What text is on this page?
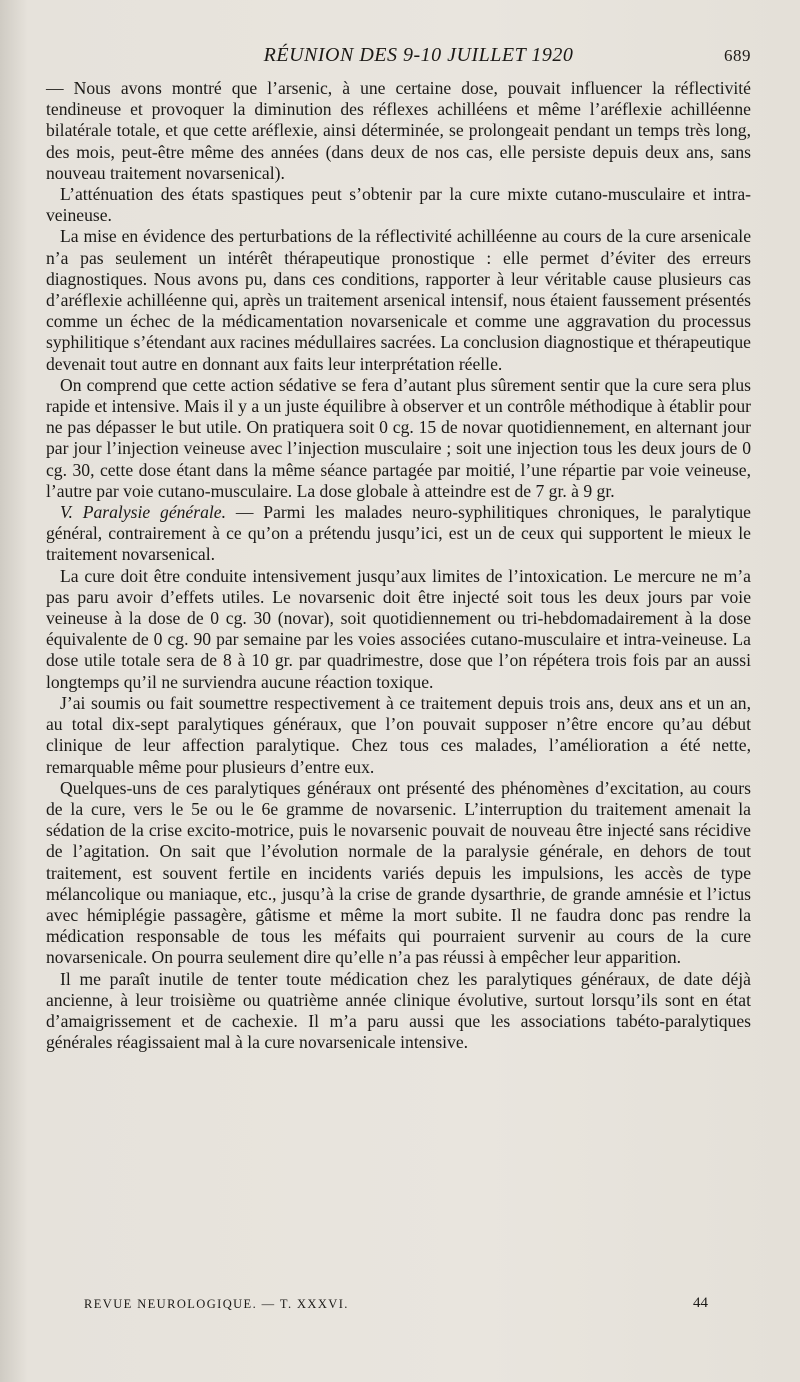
RÉUNION DES 9-10 JUILLET 1920	689

— Nous avons montré que l’arsenic, à une certaine dose, pouvait influencer la réflectivité tendineuse et provoquer la diminution des réflexes achilléens et même l’aréflexie achilléenne bilatérale totale, et que cette aréflexie, ainsi déterminée, se prolongeait pendant un temps très long, des mois, peut-être même des années (dans deux de nos cas, elle persiste depuis deux ans, sans nouveau traitement novarsenical).

L’atténuation des états spastiques peut s’obtenir par la cure mixte cutano-musculaire et intra-veineuse.

La mise en évidence des perturbations de la réflectivité achilléenne au cours de la cure arsenicale n’a pas seulement un intérêt thérapeutique pronostique : elle permet d’éviter des erreurs diagnostiques. Nous avons pu, dans ces conditions, rapporter à leur véritable cause plusieurs cas d’aréflexie achilléenne qui, après un traitement arsenical intensif, nous étaient faussement présentés comme un échec de la médicamentation novarsenicale et comme une aggravation du processus syphilitique s’étendant aux racines médullaires sacrées. La conclusion diagnostique et thérapeutique devenait tout autre en donnant aux faits leur interprétation réelle.

On comprend que cette action sédative se fera d’autant plus sûrement sentir que la cure sera plus rapide et intensive. Mais il y a un juste équilibre à observer et un contrôle méthodique à établir pour ne pas dépasser le but utile. On pratiquera soit 0 cg. 15 de novar quotidiennement, en alternant jour par jour l’injection veineuse avec l’injection musculaire ; soit une injection tous les deux jours de 0 cg. 30, cette dose étant dans la même séance partagée par moitié, l’une répartie par voie veineuse, l’autre par voie cutano-musculaire. La dose globale à atteindre est de 7 gr. à 9 gr.

V. Paralysie générale. — Parmi les malades neuro-syphilitiques chroniques, le paralytique général, contrairement à ce qu’on a prétendu jusqu’ici, est un de ceux qui supportent le mieux le traitement novarsenical.

La cure doit être conduite intensivement jusqu’aux limites de l’intoxication. Le mercure ne m’a pas paru avoir d’effets utiles. Le novarsenic doit être injecté soit tous les deux jours par voie veineuse à la dose de 0 cg. 30 (novar), soit quotidiennement ou tri-hebdomadairement à la dose équivalente de 0 cg. 90 par semaine par les voies associées cutano-musculaire et intra-veineuse. La dose utile totale sera de 8 à 10 gr. par quadrimestre, dose que l’on répétera trois fois par an aussi longtemps qu’il ne surviendra aucune réaction toxique.

J’ai soumis ou fait soumettre respectivement à ce traitement depuis trois ans, deux ans et un an, au total dix-sept paralytiques généraux, que l’on pouvait supposer n’être encore qu’au début clinique de leur affection paralytique. Chez tous ces malades, l’amélioration a été nette, remarquable même pour plusieurs d’entre eux.

Quelques-uns de ces paralytiques généraux ont présenté des phénomènes d’excitation, au cours de la cure, vers le 5e ou le 6e gramme de novarsenic. L’interruption du traitement amenait la sédation de la crise excito-motrice, puis le novarsenic pouvait de nouveau être injecté sans récidive de l’agitation. On sait que l’évolution normale de la paralysie générale, en dehors de tout traitement, est souvent fertile en incidents variés depuis les impulsions, les accès de type mélancolique ou maniaque, etc., jusqu’à la crise de grande dysarthrie, de grande amnésie et l’ictus avec hémiplégie passagère, gâtisme et même la mort subite. Il ne faudra donc pas rendre la médication responsable de tous les méfaits qui pourraient survenir au cours de la cure novarsenicale. On pourra seulement dire qu’elle n’a pas réussi à empêcher leur apparition.

Il me paraît inutile de tenter toute médication chez les paralytiques généraux, de date déjà ancienne, à leur troisième ou quatrième année clinique évolutive, surtout lorsqu’ils sont en état d’amaigrissement et de cachexie. Il m’a paru aussi que les associations tabéto-paralytiques générales réagissaient mal à la cure novarsenicale intensive.

REVUE NEUROLOGIQUE. — T. XXXVI.	44
